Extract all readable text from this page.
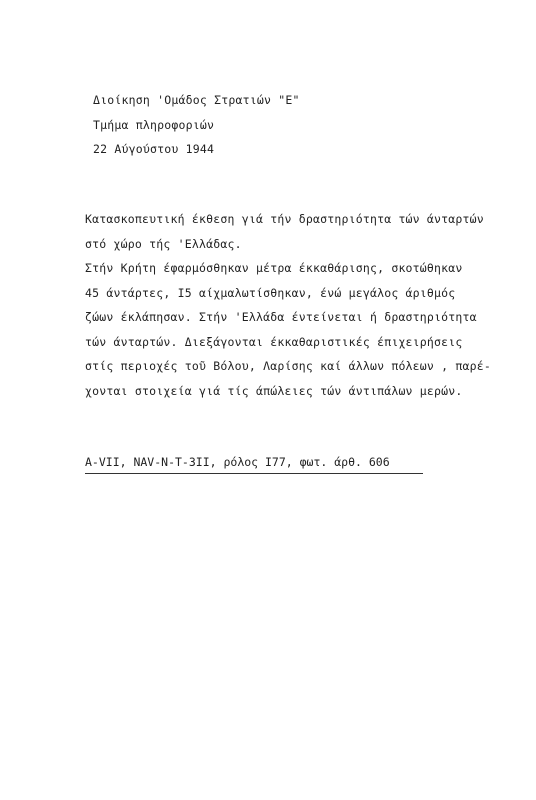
Διοίκηση 'Ομάδος Στρατιών "Ε"
Τμήμα πληροφοριών
22 Αύγούστου 1944
Κατασκοπευτική έκθεση γιά τήν δραστηριότητα τών άνταρτών
στό χώρο τής 'Ελλάδας.
Στήν Κρήτη έφαρμόσθηκαν μέτρα έκκαθάρισης, σκοτώθηκαν
45 άντάρτες, Ι5 αίχμαλωτίσθηκαν, ένώ μεγάλος άριθμός
ζώων έκλάπησαν. Στήν 'Ελλάδα έντείνεται ή δραστηριότητα
τών άνταρτών. Διεξάγονται έκκαθαριστικές έπιχειρήσεις
στίς περιοχές τοῦ Βόλου, Λαρίσης καί άλλων πόλεων , παρέ-
χονται στοιχεία γιά τίς άπώλειες τών άντιπάλων μερών.
A-VII, NAV-N-T-3II, ρόλος I77, φωτ. άρθ. 606
